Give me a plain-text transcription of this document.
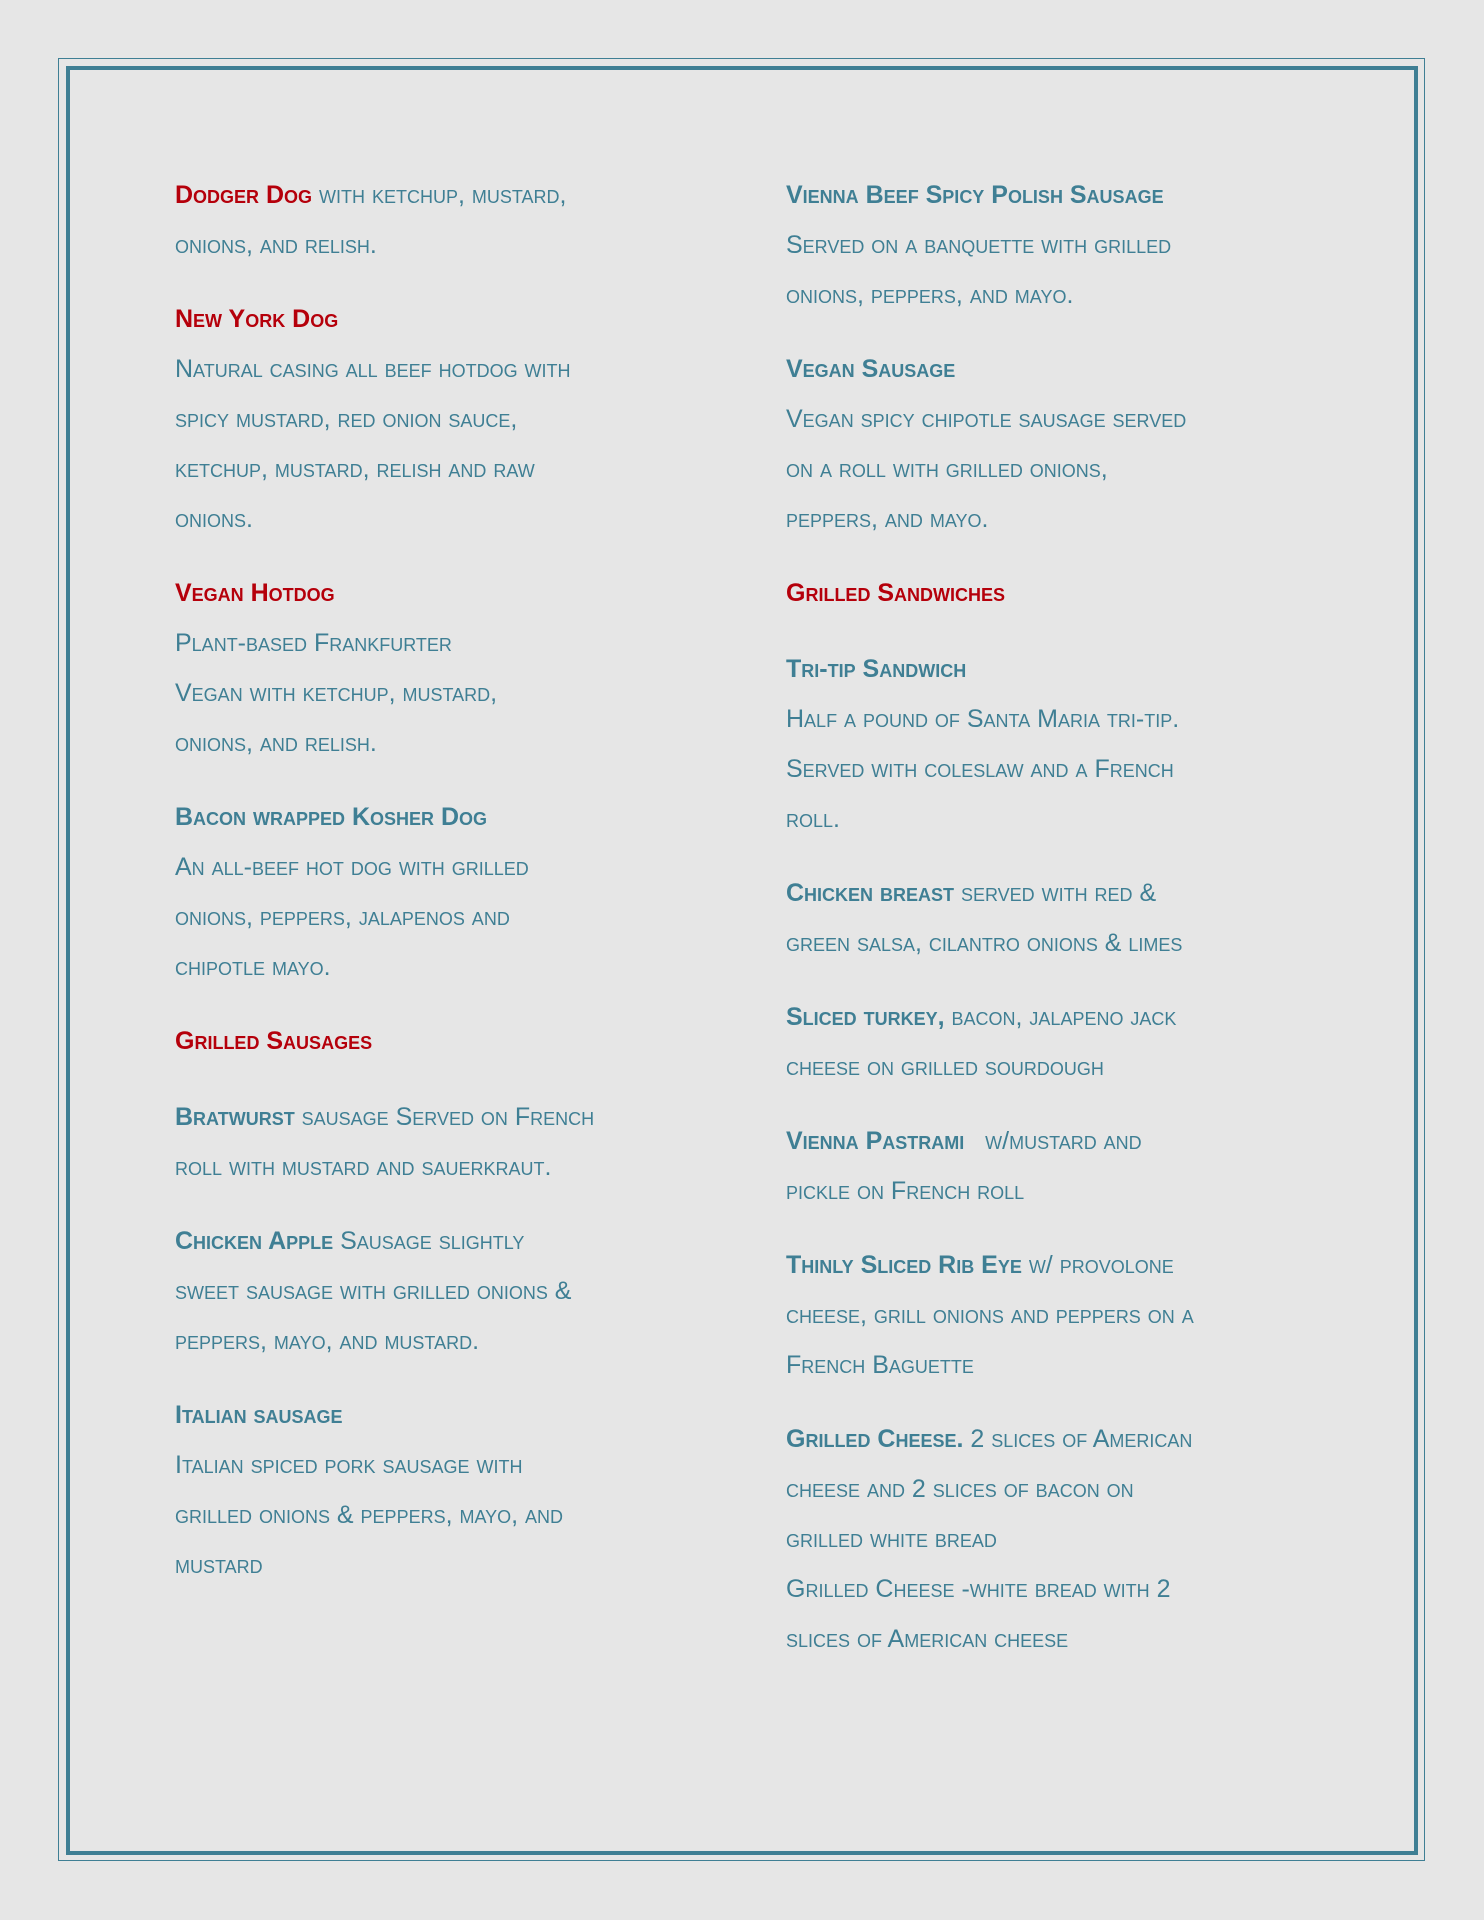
Dodger Dog with ketchup, mustard,
onions, and relish.
New York Dog
Natural casing all beef hotdog with
spicy mustard, red onion sauce,
ketchup, mustard, relish and raw
onions.
Vegan Hotdog
Plant-based Frankfurter
Vegan with ketchup, mustard,
onions, and relish.
Bacon wrapped Kosher Dog
An all-beef hot dog with grilled
onions, peppers, jalapenos and
chipotle mayo.
Grilled Sausages
Bratwurst sausage Served on French
roll with mustard and sauerkraut.
Chicken Apple Sausage slightly
sweet sausage with grilled onions &
peppers, mayo, and mustard.
Italian sausage
Italian spiced pork sausage with
grilled onions & peppers, mayo, and
mustard
Vienna Beef Spicy Polish Sausage
Served on a banquette with grilled
onions, peppers, and mayo.
Vegan Sausage
Vegan spicy chipotle sausage served
on a roll with grilled onions,
peppers, and mayo.
Grilled Sandwiches
Tri-tip Sandwich
Half a pound of Santa Maria tri-tip.
Served with coleslaw and a French
roll.
Chicken breast served with red &
green salsa, cilantro onions & limes
Sliced turkey, bacon, jalapeno jack
cheese on grilled sourdough
Vienna Pastrami   w/mustard and
pickle on French roll
Thinly Sliced Rib Eye w/ provolone
cheese, grill onions and peppers on a
French Baguette
Grilled Cheese. 2 slices of American
cheese and 2 slices of bacon on
grilled white bread
Grilled Cheese -white bread with 2
slices of American cheese
